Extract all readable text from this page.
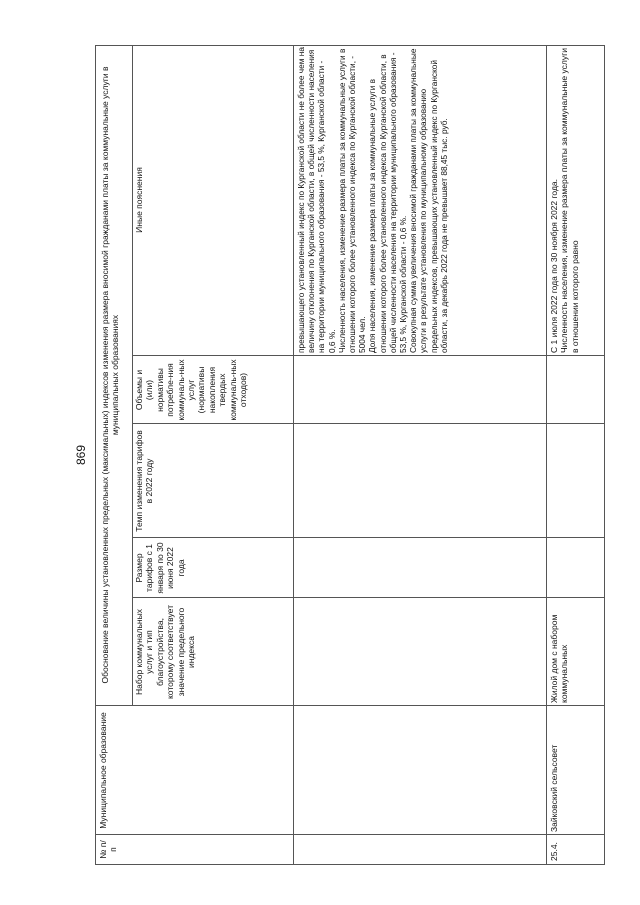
869
№ п/п
Муниципальное образование
Обоснование величины установленных предельных (максимальных) индексов изменения размера вносимой гражданами платы за коммунальные услуги в муниципальных образованиях
Набор коммунальных услуг и тип благоустройства, которому соответствует значение предельного индекса
Размер тарифов с 1 января по 30 июня 2022 года
Темп изменения тарифов в 2022 году
Объемы и (или) нормативы потребле-ния коммуналь-ных услуг (нормативы накопления твердых коммуналь-ных отходов)
Иные пояснения
превышающего установленный индекс по Курганской области не более чем на величину отклонения по Курганской области, в общей численности населения на территории муниципального образования - 53,5 %, Курганской области - 0,6 %.
Численность населения, изменение размера платы за коммунальные услуги в отношении которого более установленного индекса по Курганской области, - 5004 чел.
Доля населения, изменение размера платы за коммунальные услуги в отношении которого более установленного индекса по Курганской области, в общей численности населения на территории муниципального образования - 53,5 %, Курганской области - 0,6 %.
Совокупная сумма увеличения вносимой гражданами платы за коммунальные услуги в результате установления по муниципальному образованию предельных индексов, превышающих установленный индекс по Курганской области, за декабрь 2022 года не превышает 88,45 тыс. руб.
25.4.
Зайковский сельсовет
Жилой дом с набором коммунальных
С 1 июля 2022 года по 30 ноября 2022 года.
Численность населения, изменение размера платы за коммунальные услуги в отношении которого равно
